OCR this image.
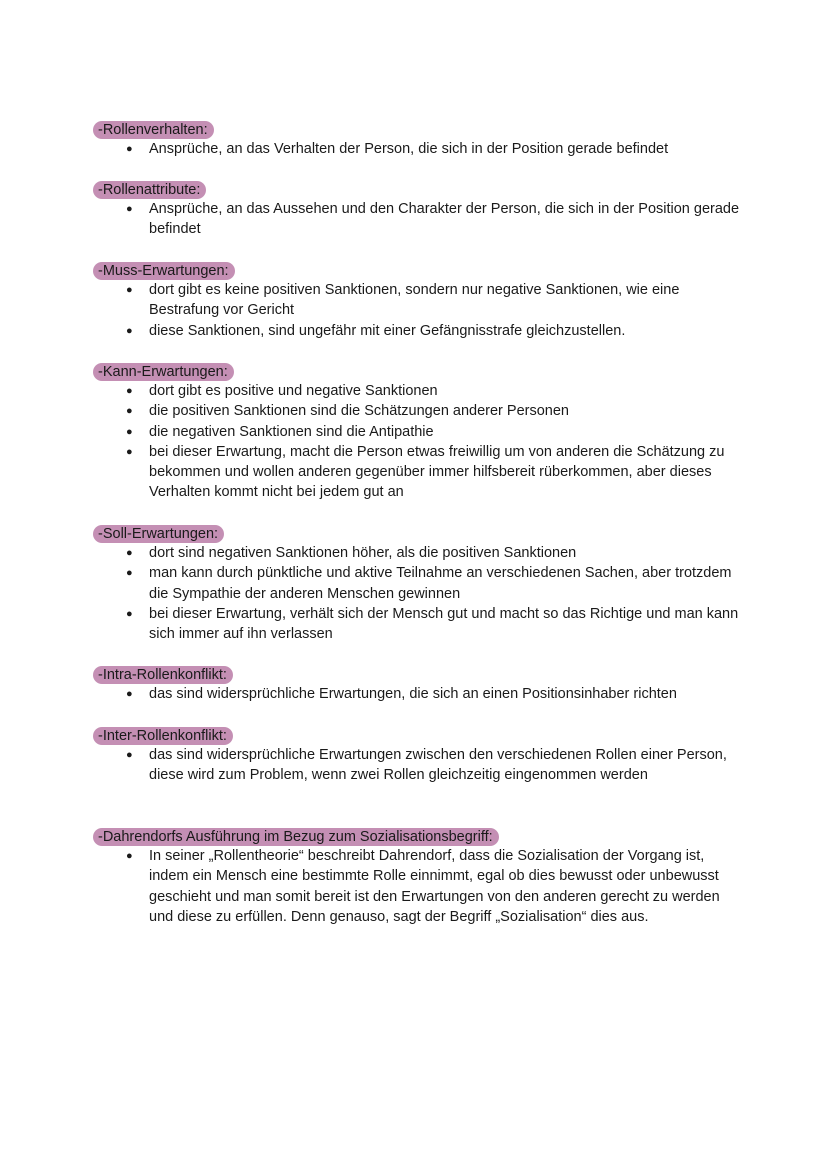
-Rollenverhalten:
● Ansprüche, an das Verhalten der Person, die sich in der Position gerade befindet
-Rollenattribute:
● Ansprüche, an das Aussehen und den Charakter der Person, die sich in der Position gerade befindet
-Muss-Erwartungen:
● dort gibt es keine positiven Sanktionen, sondern nur negative Sanktionen, wie eine Bestrafung vor Gericht
● diese Sanktionen, sind ungefähr mit einer Gefängnisstrafe gleichzustellen.
-Kann-Erwartungen:
● dort gibt es positive und negative Sanktionen
● die positiven Sanktionen sind die Schätzungen anderer Personen
● die negativen Sanktionen sind die Antipathie
● bei dieser Erwartung, macht die Person etwas freiwillig um von anderen die Schätzung zu bekommen und wollen anderen gegenüber immer hilfsbereit rüberkommen, aber dieses Verhalten kommt nicht bei jedem gut an
-Soll-Erwartungen:
● dort sind negativen Sanktionen höher, als die positiven Sanktionen
● man kann durch pünktliche und aktive Teilnahme an verschiedenen Sachen, aber trotzdem die Sympathie der anderen Menschen gewinnen
● bei dieser Erwartung, verhält sich der Mensch gut und macht so das Richtige und man kann sich immer auf ihn verlassen
-Intra-Rollenkonflikt:
● das sind widersprüchliche Erwartungen, die sich an einen Positionsinhaber richten
-Inter-Rollenkonflikt:
● das sind widersprüchliche Erwartungen zwischen den verschiedenen Rollen einer Person, diese wird zum Problem, wenn zwei Rollen gleichzeitig eingenommen werden
-Dahrendorfs Ausführung im Bezug zum Sozialisationsbegriff:
● In seiner „Rollentheorie“ beschreibt Dahrendorf, dass die Sozialisation der Vorgang ist, indem ein Mensch eine bestimmte Rolle einnimmt, egal ob dies bewusst oder unbewusst geschieht und man somit bereit ist den Erwartungen von den anderen gerecht zu werden und diese zu erfüllen. Denn genauso, sagt der Begriff „Sozialisation“ dies aus.
